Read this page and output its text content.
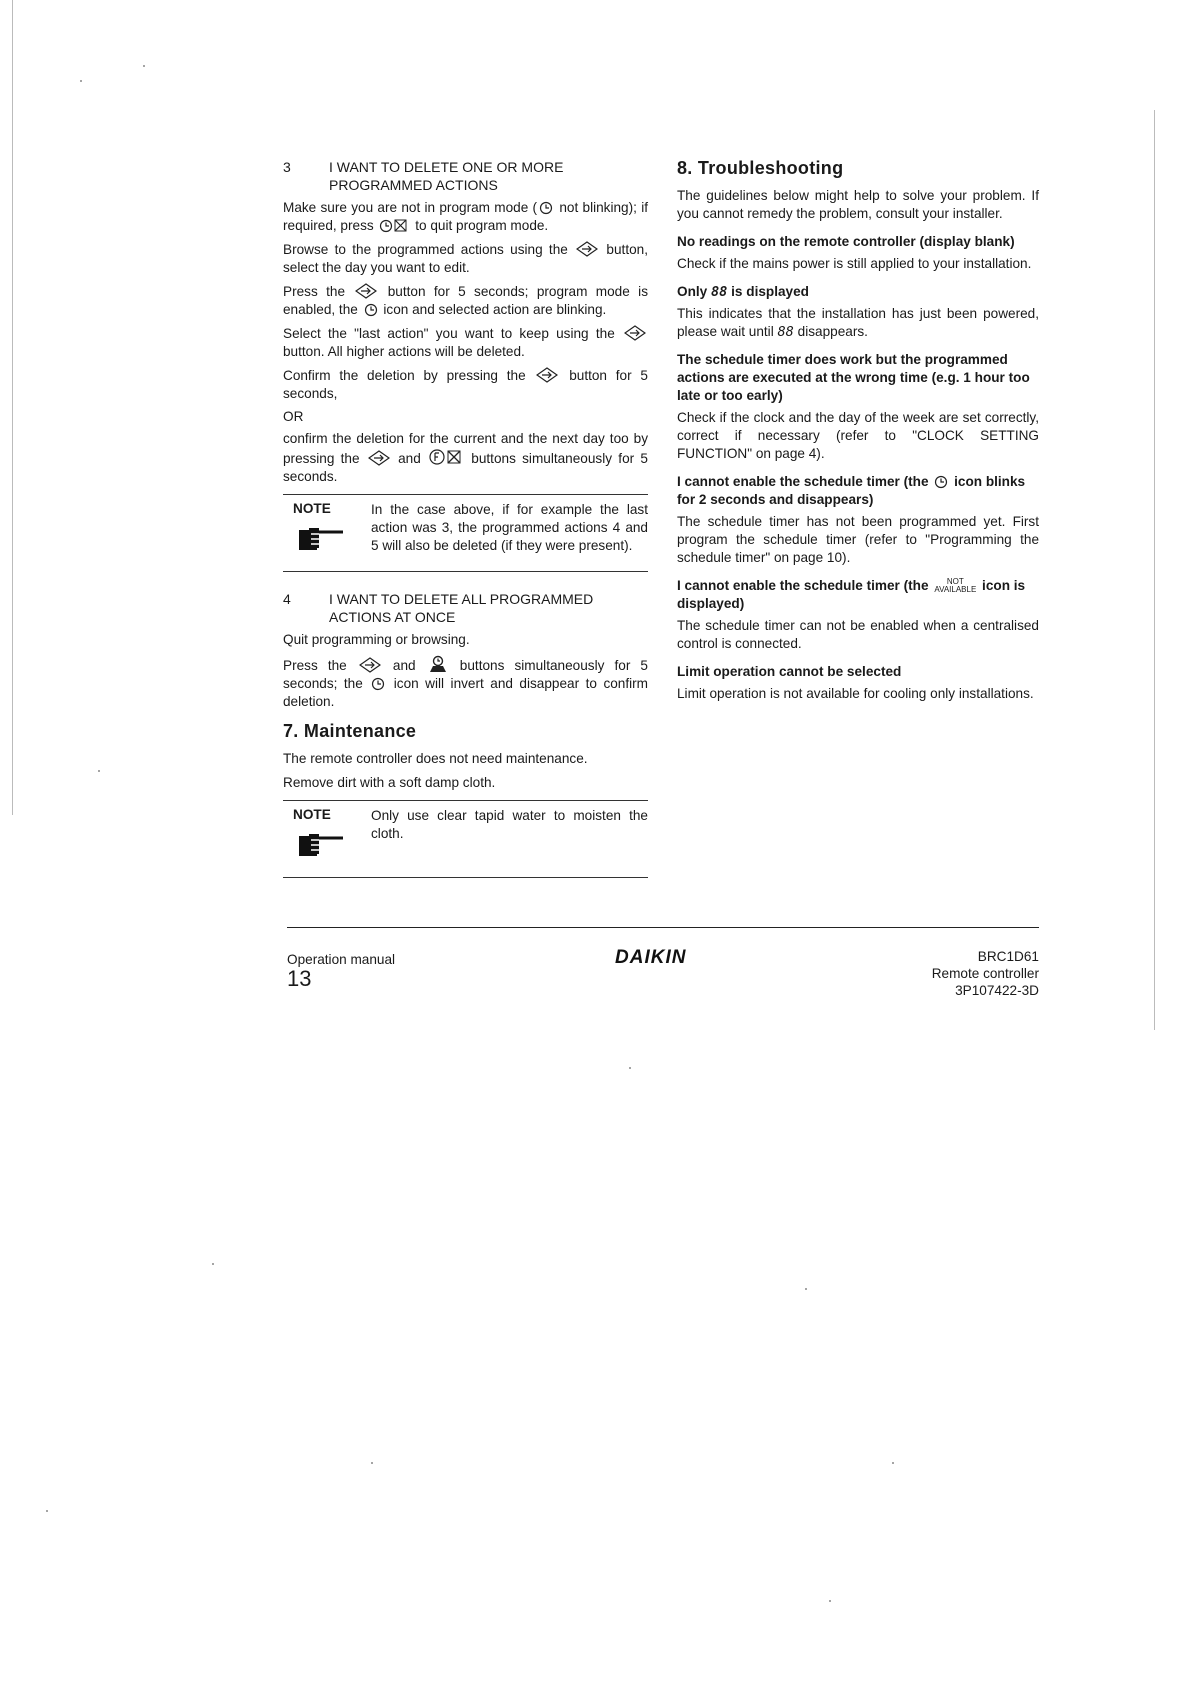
3	I WANT TO DELETE ONE OR MORE
PROGRAMMED ACTIONS

Make sure you are not in program mode ( not blinking); if required, press	to quit program mode.

Browse to the programmed actions using the  button, select the day you want to edit.

Press the  button for 5 seconds; program mode is enabled, the  icon and selected action are blinking.

Select the "last action" you want to keep using the  button. All higher actions will be deleted.

Confirm the deletion by pressing the  button for 5 seconds,

OR

confirm the deletion for the current and the next day too by pressing the  and	buttons simultaneously for 5 seconds.

NOTE	In the case above, if for example the last action was 3, the programmed actions 4 and 5 will also be deleted (if they were present).
4	I WANT TO DELETE ALL PROGRAMMED
ACTIONS AT ONCE

Quit programming or browsing.

Press the  and  buttons simultaneously for 5 seconds; the  icon will invert and disappear to confirm deletion.

7. Maintenance

The remote controller does not need maintenance.

Remove dirt with a soft damp cloth.

NOTE	Only use clear tapid water to moisten the cloth.
8. Troubleshooting

The guidelines below might help to solve your problem. If you cannot remedy the problem, consult your installer.

No readings on the remote controller (display blank)

Check if the mains power is still applied to your installation.

Only 88 is displayed

This indicates that the installation has just been powered, please wait until 88 disappears.

The schedule timer does work but the programmed actions are executed at the wrong time (e.g. 1 hour too late or too early)

Check if the clock and the day of the week are set correctly, correct if necessary (refer to "CLOCK SETTING FUNCTION" on page 4).

I cannot enable the schedule timer (the  icon blinks for 2 seconds and disappears)

The schedule timer has not been programmed yet. First program the schedule timer (refer to "Programming the schedule timer" on page 10).

I cannot enable the schedule timer (the NOT
AVAILABLE icon is displayed)

The schedule timer can not be enabled when a centralised control is connected.

Limit operation cannot be selected

Limit operation is not available for cooling only installations.

Operation manual
13
DAIKIN	BRC1D61
Remote controller
3P107422-3D
